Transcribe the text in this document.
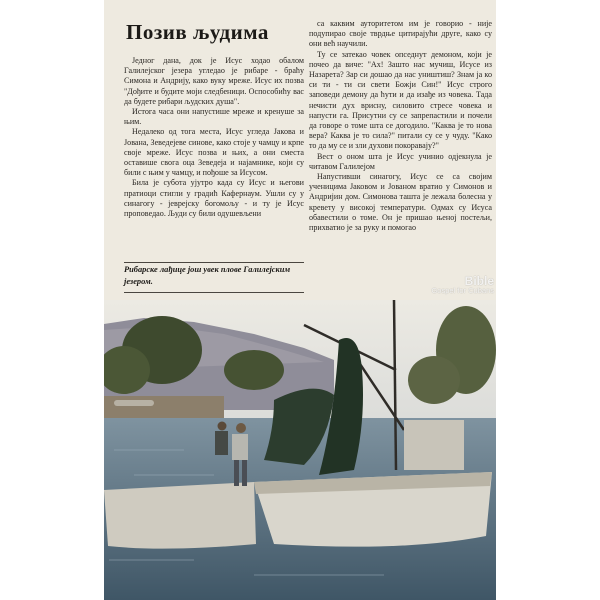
Позив људима

Једног дана, док је Исус ходао обалом Галилејског језера угледао је рибаре - браћу Симона и Андрију, како вуку мреже. Исус их позва "Дођите и будите моји следбеници. Оспособићу вас да будете рибари људских душа".

Истога часа они напустише мреже и кренуше за њим.

Недалеко од тога места, Исус угледа Јакова и Јована, Зеведејеве синове, како стоје у чамцу и крпе своје мреже. Исус позва и њих, а они сместа оставише свога оца Зеведеја и најамнике, који су били с њим у чамцу, и пођоше за Исусом.

Била је субота ујутро када су Исус и његови пратиоци стигли у градић Кафернаум. Ушли су у синагогу - јеврејску богомољу - и ту је Исус проповедао. Људи су били одушевљени

Рибарске лађице још увек плове Галилејским језером.

са каквим ауторитетом им је говорио - није подупирао своје тврдње цитирајући друге, како су они већ научили.

Ту се затекао човек опседнут демоном, који је почео да виче: "Ах! Зашто нас мучиш, Исусе из Назарета? Зар си дошао да нас уништиш? Знам ја ко си ти - ти си свети Божји Син!" Исус строго заповеди демону да ћути и да изађе из човека. Тада нечисти дух врисну, силовито стресе човека и напусти га. Присутни су се запрепастили и почели да говоре о томе шта се догодило. "Каква је то нова вера? Каква је то сила?" питали су се у чуду. "Како то да му се и зли духови покоравају?"

Вест о оном шта је Исус учинио одјекнула је читавом Галилејом

Напустивши синагогу, Исус се са својим ученицима Јаковом и Јованом вратио у Симонов и Андријин дом. Симонова ташта је лежала болесна у кревету у високој температури. Одмах су Исуса обавестили о томе. Он је пришао њеној постељи, прихватио је за руку и помогао

Bible
Gospel for Cubans
